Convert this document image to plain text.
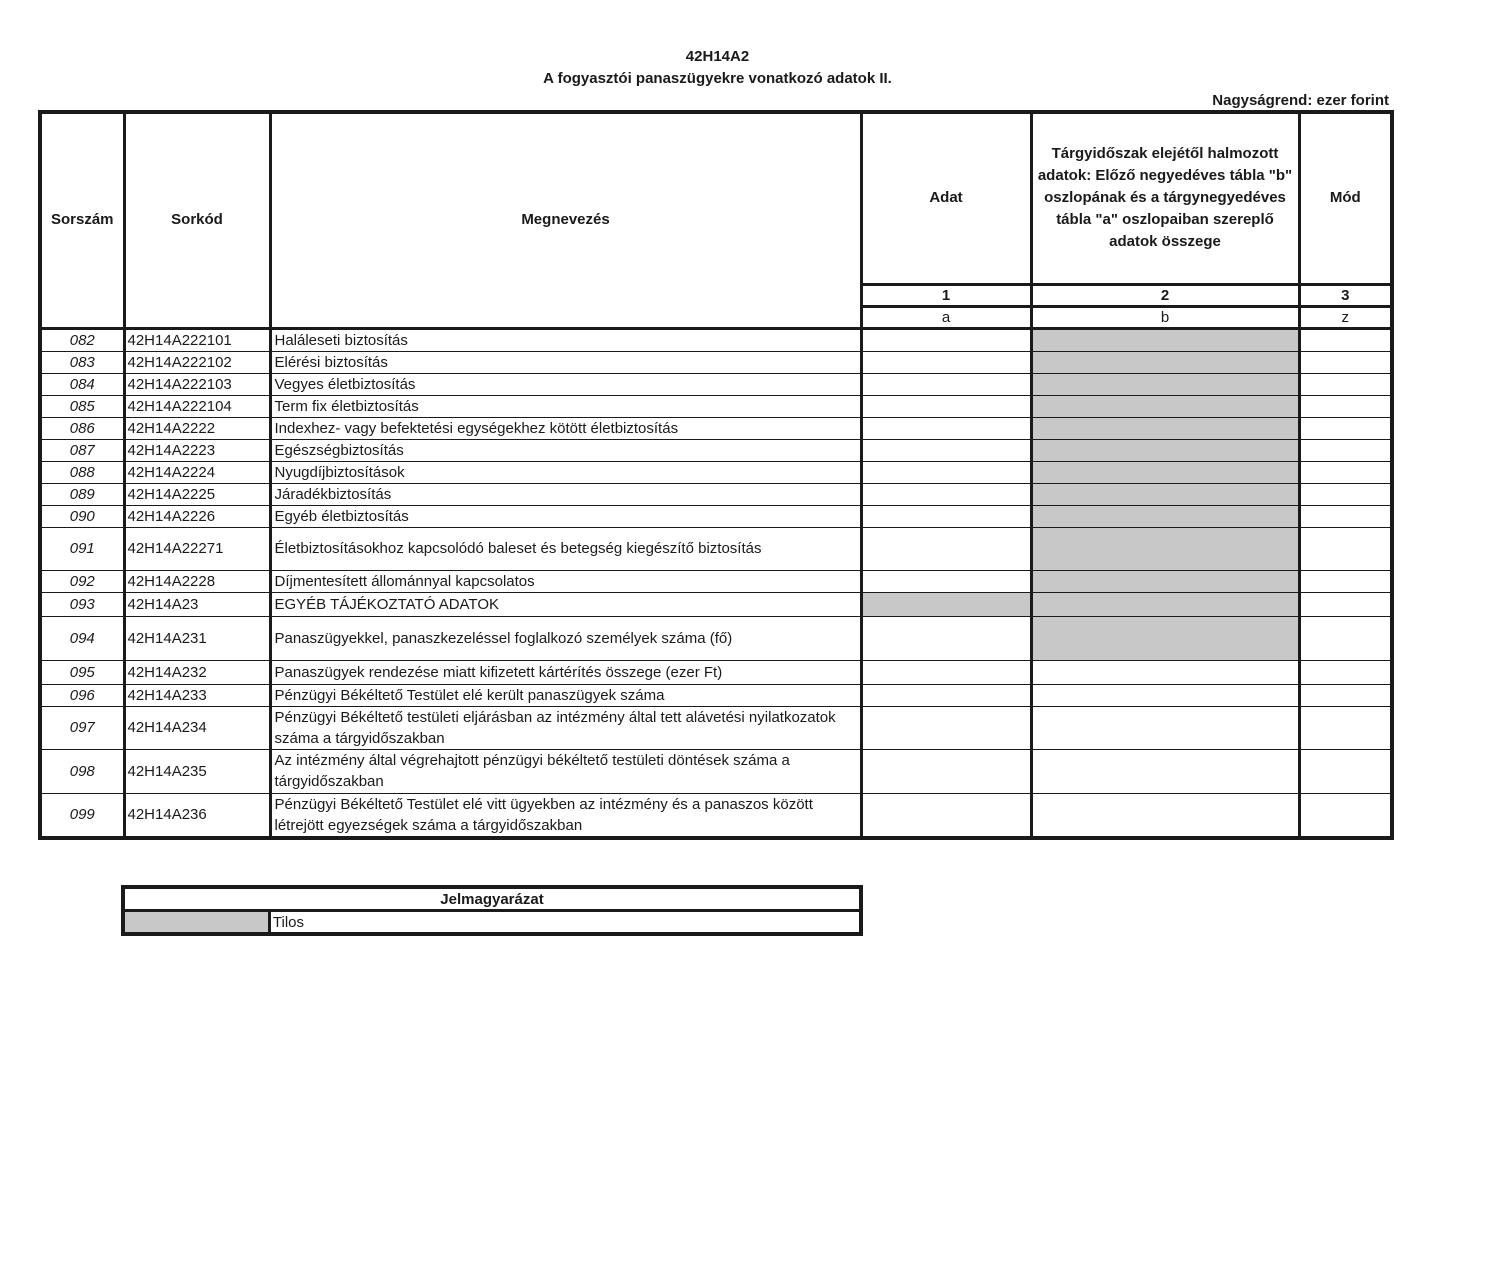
42H14A2
A fogyasztói panaszügyekre vonatkozó adatok II.
Nagyságrend: ezer forint
Sorszám	Sorkód	Megnevezés	Adat	Tárgyidőszak elejétől halmozott adatok: Előző negyedéves tábla "b" oszlopának és a tárgynegyedéves tábla "a" oszlopaiban szereplő adatok összege	Mód
			1	2	3
			a	b	z
082	42H14A222101	Haláleseti biztosítás			
083	42H14A222102	Elérési biztosítás			
084	42H14A222103	Vegyes életbiztosítás			
085	42H14A222104	Term fix életbiztosítás			
086	42H14A2222	Indexhez- vagy befektetési egységekhez kötött életbiztosítás			
087	42H14A2223	Egészségbiztosítás			
088	42H14A2224	Nyugdíjbiztosítások			
089	42H14A2225	Járadékbiztosítás			
090	42H14A2226	Egyéb életbiztosítás			
091	42H14A22271	Életbiztosításokhoz kapcsolódó baleset és betegség kiegészítő biztosítás			
092	42H14A2228	Díjmentesített állománnyal kapcsolatos			
093	42H14A23	EGYÉB TÁJÉKOZTATÓ ADATOK			
094	42H14A231	Panaszügyekkel, panaszkezeléssel foglalkozó személyek száma (fő)			
095	42H14A232	Panaszügyek rendezése miatt kifizetett kártérítés összege (ezer Ft)			
096	42H14A233	Pénzügyi Békéltető Testület elé került panaszügyek száma			
097	42H14A234	Pénzügyi Békéltető testületi eljárásban az intézmény által tett alávetési nyilatkozatok száma a tárgyidőszakban			
098	42H14A235	Az intézmény által végrehajtott pénzügyi békéltető testületi döntések száma a tárgyidőszakban			
099	42H14A236	Pénzügyi Békéltető Testület elé vitt ügyekben az intézmény és a panaszos között létrejött egyezségek száma a tárgyidőszakban			
Jelmagyarázat
	Tilos
